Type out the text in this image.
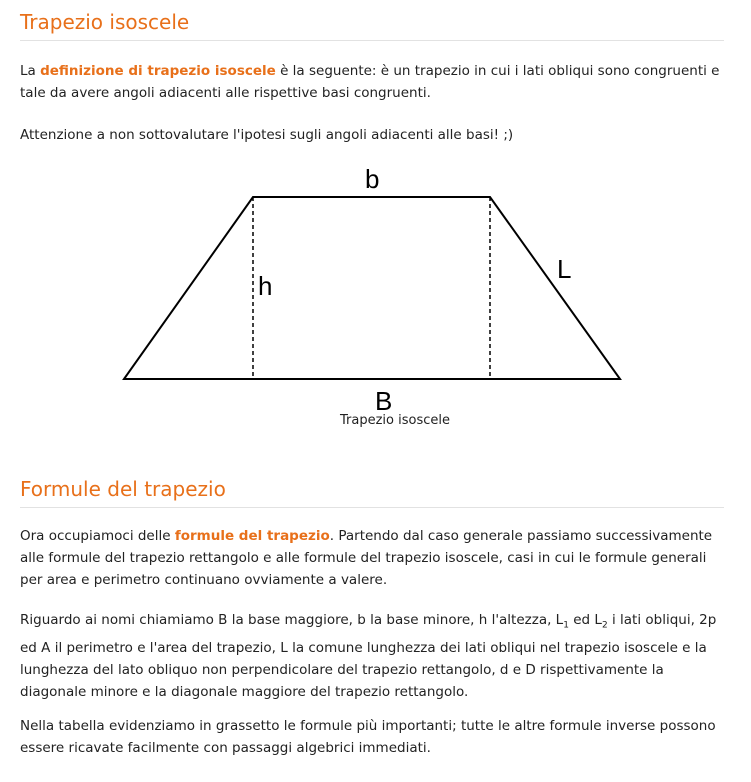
Trapezio isoscele

La definizione di trapezio isoscele è la seguente: è un trapezio in cui i lati obliqui sono congruenti e tale da avere angoli adiacenti alle rispettive basi congruenti.

Attenzione a non sottovalutare l'ipotesi sugli angoli adiacenti alle basi! ;)

b
h
L
B
Trapezio isoscele
Formule del trapezio

Ora occupiamoci delle formule del trapezio. Partendo dal caso generale passiamo successivamente alle formule del trapezio rettangolo e alle formule del trapezio isoscele, casi in cui le formule generali per area e perimetro continuano ovviamente a valere.

Riguardo ai nomi chiamiamo B la base maggiore, b la base minore, h l'altezza, $L_1$ ed $L_2$ i lati obliqui, 2p ed A il perimetro e l'area del trapezio, L la comune lunghezza dei lati obliqui nel trapezio isoscele e la lunghezza del lato obliquo non perpendicolare del trapezio rettangolo, d e D rispettivamente la diagonale minore e la diagonale maggiore del trapezio rettangolo.

Nella tabella evidenziamo in grassetto le formule più importanti; tutte le altre formule inverse possono essere ricavate facilmente con passaggi algebrici immediati.
